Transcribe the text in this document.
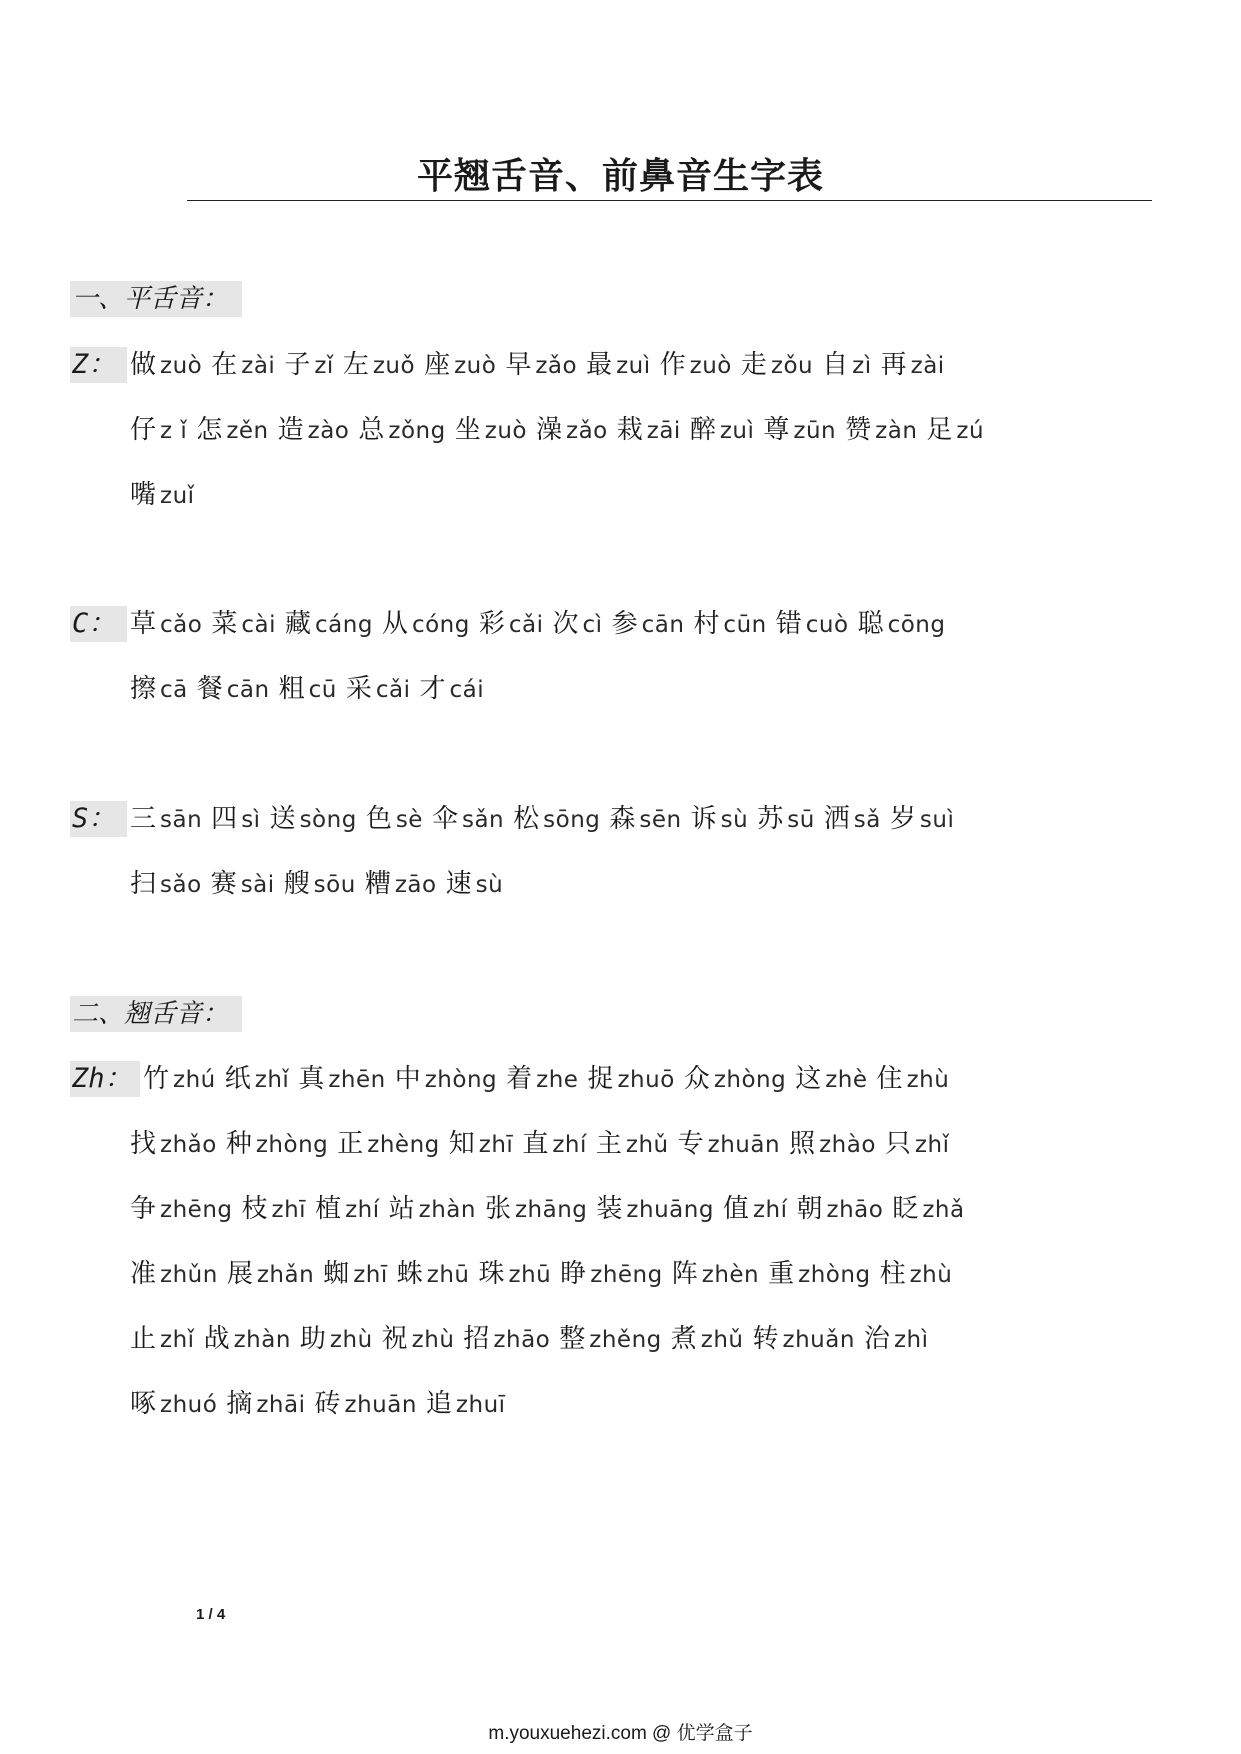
平翘舌音、前鼻音生字表
一、平舌音：
Z： 做 zuò 在 zài 子 zǐ 左 zuǒ 座 zuò 早 zǎo 最 zuì 作 zuò 走 zǒu 自 zì 再 zài
仔 z ǐ 怎 zěn 造 zào 总 zǒng 坐 zuò 澡 zǎo 栽 zāi 醉 zuì 尊 zūn 赞 zàn 足 zú
嘴 zuǐ
C： 草 cǎo 菜 cài 藏 cáng 从 cóng 彩 cǎi 次 cì 参 cān 村 cūn 错 cuò 聪 cōng
擦 cā 餐 cān 粗 cū 采 cǎi 才 cái
S： 三 sān 四 sì 送 sòng 色 sè 伞 sǎn 松 sōng 森 sēn 诉 sù 苏 sū 洒 sǎ 岁 suì
扫 sǎo 赛 sài 艘 sōu 糟 zāo 速 sù
二、翘舌音：
Zh： 竹 zhú 纸 zhǐ 真 zhēn 中 zhòng 着 zhe 捉 zhuō 众 zhòng 这 zhè 住 zhù
找 zhǎo 种 zhòng 正 zhèng 知 zhī 直 zhí 主 zhǔ 专 zhuān 照 zhào 只 zhǐ
争 zhēng 枝 zhī 植 zhí 站 zhàn 张 zhāng 装 zhuāng 值 zhí 朝 zhāo 眨 zhǎ
准 zhǔn 展 zhǎn 蜘 zhī 蛛 zhū 珠 zhū 睁 zhēng 阵 zhèn 重 zhòng 柱 zhù
止 zhǐ 战 zhàn 助 zhù 祝 zhù 招 zhāo 整 zhěng 煮 zhǔ 转 zhuǎn 治 zhì
啄 zhuó 摘 zhāi 砖 zhuān 追 zhuī
1 / 4
m.youxuehezi.com @ 优学盒子
